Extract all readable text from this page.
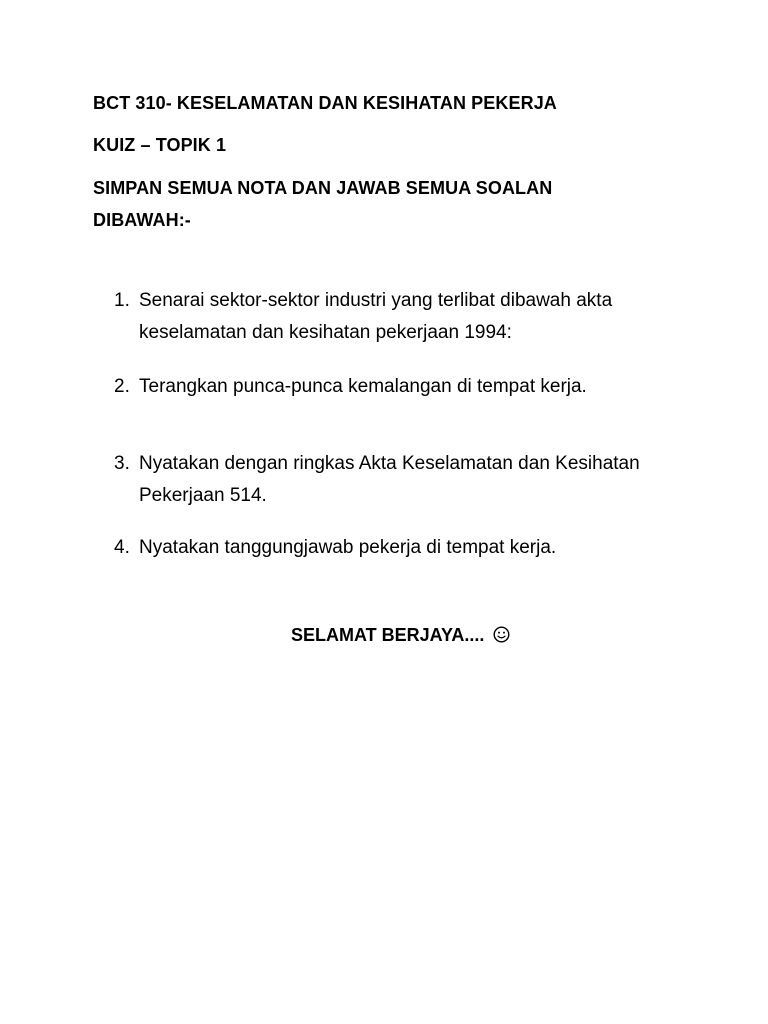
BCT 310- KESELAMATAN DAN KESIHATAN PEKERJA

KUIZ – TOPIK 1

SIMPAN SEMUA NOTA DAN JAWAB SEMUA SOALAN DIBAWAH:-

1. Senarai sektor-sektor industri yang terlibat dibawah akta keselamatan dan kesihatan pekerjaan 1994:
2. Terangkan punca-punca kemalangan di tempat kerja.
3. Nyatakan dengan ringkas Akta Keselamatan dan Kesihatan Pekerjaan 514.
4. Nyatakan tanggungjawab pekerja di tempat kerja.
SELAMAT BERJAYA....
